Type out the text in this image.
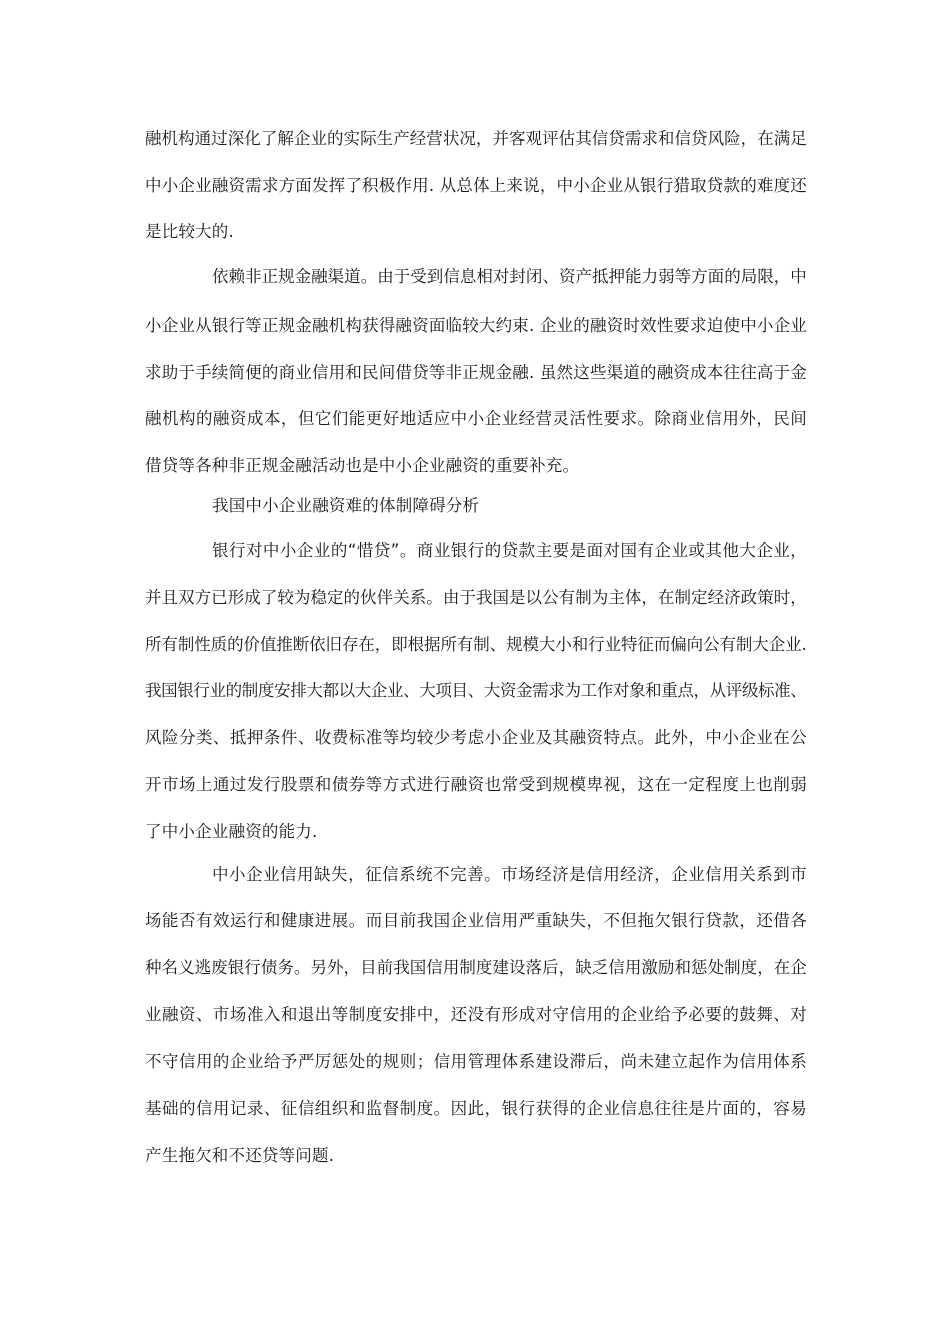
融机构通过深化了解企业的实际生产经营状况，并客观评估其信贷需求和信贷风险，在满足
中小企业融资需求方面发挥了积极作用. 从总体上来说，中小企业从银行猎取贷款的难度还
是比较大的.
依赖非正规金融渠道。由于受到信息相对封闭、资产抵押能力弱等方面的局限，中
小企业从银行等正规金融机构获得融资面临较大约束. 企业的融资时效性要求迫使中小企业
求助于手续简便的商业信用和民间借贷等非正规金融. 虽然这些渠道的融资成本往往高于金
融机构的融资成本，但它们能更好地适应中小企业经营灵活性要求。除商业信用外，民间
借贷等各种非正规金融活动也是中小企业融资的重要补充。
我国中小企业融资难的体制障碍分析
银行对中小企业的“惜贷”。商业银行的贷款主要是面对国有企业或其他大企业，
并且双方已形成了较为稳定的伙伴关系。由于我国是以公有制为主体，在制定经济政策时，
所有制性质的价值推断依旧存在，即根据所有制、规模大小和行业特征而偏向公有制大企业.
我国银行业的制度安排大都以大企业、大项目、大资金需求为工作对象和重点，从评级标准、
风险分类、抵押条件、收费标准等均较少考虑小企业及其融资特点。此外，中小企业在公
开市场上通过发行股票和债券等方式进行融资也常受到规模卑视，这在一定程度上也削弱
了中小企业融资的能力.
中小企业信用缺失，征信系统不完善。市场经济是信用经济，企业信用关系到市
场能否有效运行和健康进展。而目前我国企业信用严重缺失，不但拖欠银行贷款，还借各
种名义逃废银行债务。另外，目前我国信用制度建设落后，缺乏信用激励和惩处制度，在企
业融资、市场准入和退出等制度安排中，还没有形成对守信用的企业给予必要的鼓舞、对
不守信用的企业给予严厉惩处的规则；信用管理体系建设滞后，尚未建立起作为信用体系
基础的信用记录、征信组织和监督制度。因此，银行获得的企业信息往往是片面的，容易
产生拖欠和不还贷等问题.
